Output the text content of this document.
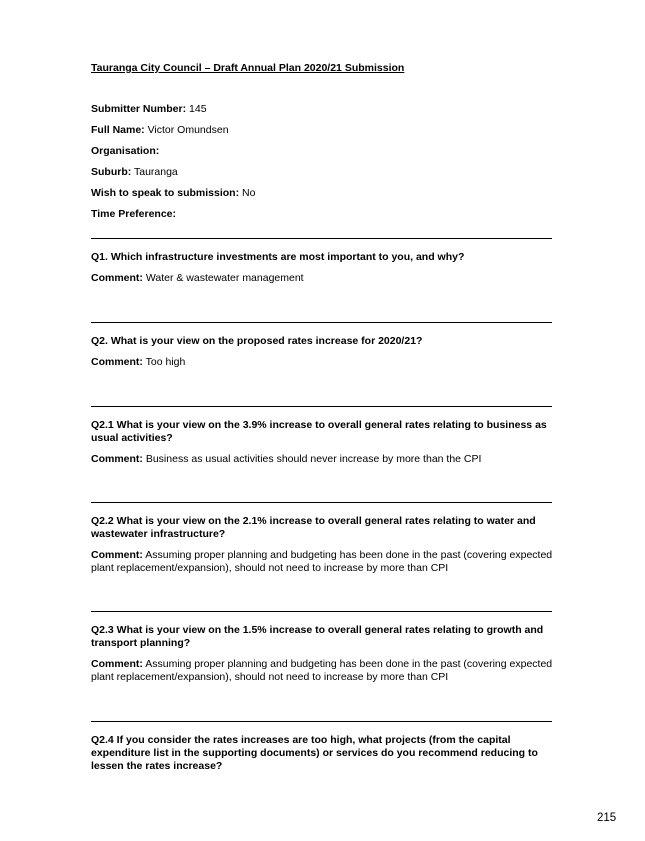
Tauranga City Council – Draft Annual Plan 2020/21 Submission

Submitter Number: 145

Full Name: Victor Omundsen

Organisation:

Suburb: Tauranga

Wish to speak to submission: No

Time Preference:

Q1. Which infrastructure investments are most important to you, and why?

Comment: Water & wastewater management

Q2. What is your view on the proposed rates increase for 2020/21?

Comment: Too high

Q2.1 What is your view on the 3.9% increase to overall general rates relating to business as usual activities?

Comment: Business as usual activities should never increase by more than the CPI

Q2.2 What is your view on the 2.1% increase to overall general rates relating to water and wastewater infrastructure?

Comment: Assuming proper planning and budgeting has been done in the past (covering expected plant replacement/expansion), should not need to increase by more than CPI

Q2.3 What is your view on the 1.5% increase to overall general rates relating to growth and transport planning?

Comment: Assuming proper planning and budgeting has been done in the past (covering expected plant replacement/expansion), should not need to increase by more than CPI

Q2.4 If you consider the rates increases are too high, what projects (from the capital expenditure list in the supporting documents) or services do you recommend reducing to lessen the rates increase?

215
